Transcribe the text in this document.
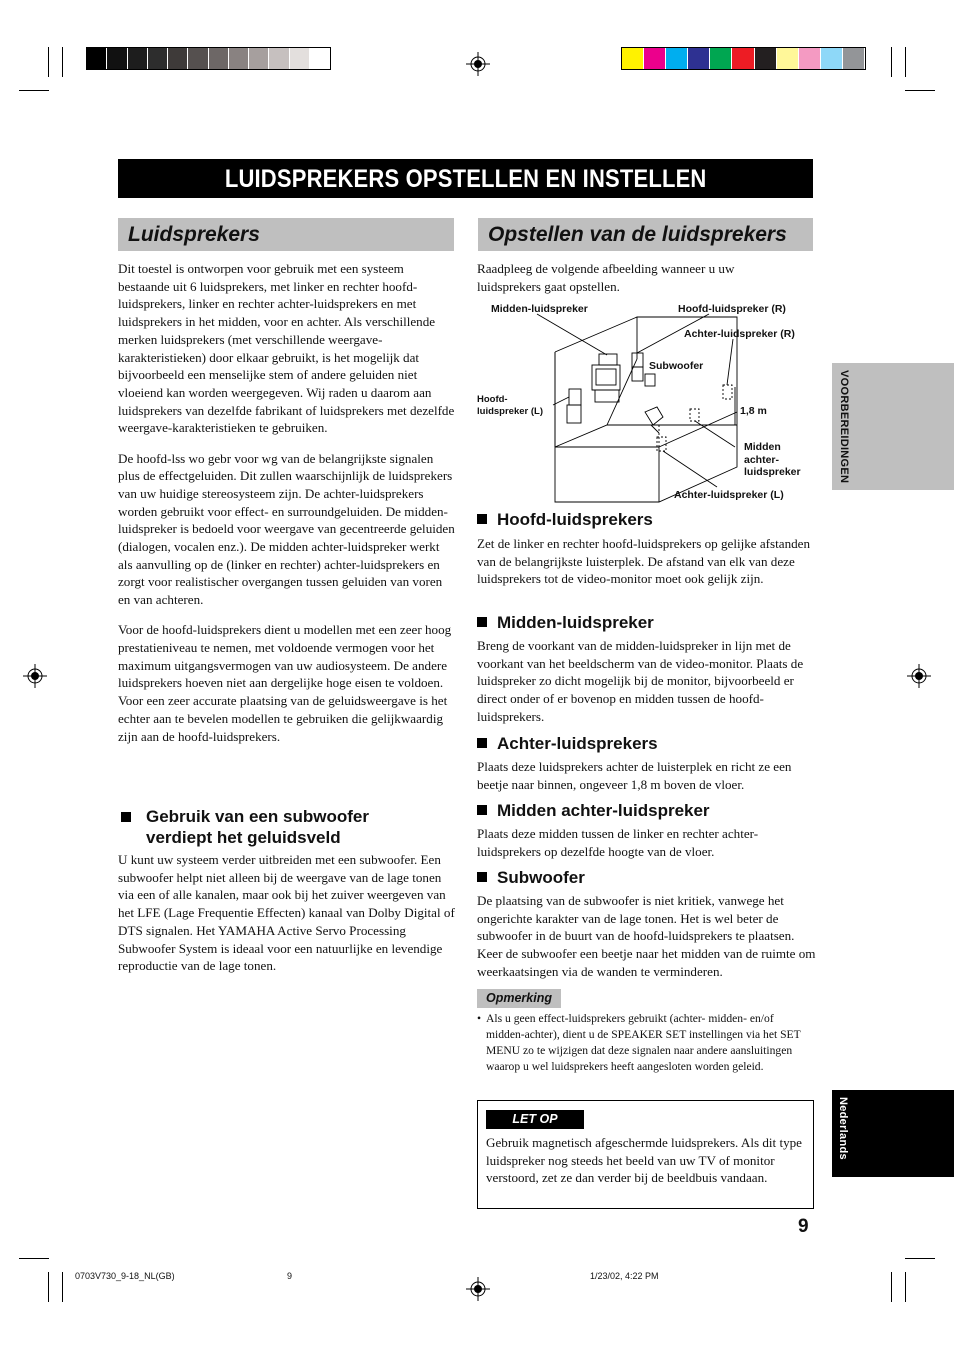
LUIDSPREKERS OPSTELLEN EN INSTELLEN
VOORBEREIDINGEN
Nederlands
Luidsprekers

Dit toestel is ontworpen voor gebruik met een systeem bestaande uit 6 luidsprekers, met linker en rechter hoofd-luidsprekers, linker en rechter achter-luidsprekers en met luidsprekers in het midden, voor en achter. Als verschillende merken luidsprekers (met verschillende weergave-karakteristieken) door elkaar gebruikt, is het mogelijk dat bijvoorbeeld een menselijke stem of andere geluiden niet vloeiend kan worden weergegeven. Wij raden u daarom aan luidsprekers van dezelfde fabrikant of luidsprekers met dezelfde weergave-karakteristieken te gebruiken.

De hoofd-lss wo gebr voor wg van de belangrijkste signalen plus de effectgeluiden. Dit zullen waarschijnlijk de luidsprekers van uw huidige stereosysteem zijn. De achter-luidsprekers worden gebruikt voor effect- en surroundgeluiden. De midden-luidspreker is bedoeld voor weergave van gecentreerde geluiden (dialogen, vocalen enz.). De midden achter-luidspreker werkt als aanvulling op de (linker en rechter) achter-luidsprekers en zorgt voor realistischer overgangen tussen geluiden van voren en van achteren.

Voor de hoofd-luidsprekers dient u modellen met een zeer hoog prestatieniveau te nemen, met voldoende vermogen voor het maximum uitgangsvermogen van uw audiosysteem. De andere luidsprekers hoeven niet aan dergelijke hoge eisen te voldoen. Voor een zeer accurate plaatsing van de geluidsweergave is het echter aan te bevelen modellen te gebruiken die gelijkwaardig zijn aan de hoofd-luidsprekers.

Gebruik van een subwoofer verdiept het geluidsveld
U kunt uw systeem verder uitbreiden met een subwoofer. Een subwoofer helpt niet alleen bij de weergave van de lage tonen via een of alle kanalen, maar ook bij het zuiver weergeven van het LFE (Lage Frequentie Effecten) kanaal van Dolby Digital of DTS signalen. Het YAMAHA Active Servo Processing Subwoofer System is ideaal voor een natuurlijke en levendige reproductie van de lage tonen.
Opstellen van de luidsprekers
Raadpleeg de volgende afbeelding wanneer u uw luidsprekers gaat opstellen.
Midden-luidspreker	Hoofd-luidspreker (R)
Achter-luidspreker (R)
Subwoofer
Hoofd-
luidspreker (L)	1,8 m
Midden
achter-
luidspreker
Achter-luidspreker (L)
Hoofd-luidsprekers
Zet de linker en rechter hoofd-luidsprekers op gelijke afstanden van de belangrijkste luisterplek. De afstand van elk van deze luidsprekers tot de video-monitor moet ook gelijk zijn.
Midden-luidspreker
Breng de voorkant van de midden-luidspreker in lijn met de voorkant van het beeldscherm van de video-monitor. Plaats de luidspreker zo dicht mogelijk bij de monitor, bijvoorbeeld er direct onder of er bovenop en midden tussen de hoofd-luidsprekers.
Achter-luidsprekers
Plaats deze luidsprekers achter de luisterplek en richt ze een beetje naar binnen, ongeveer 1,8 m boven de vloer.
Midden achter-luidspreker
Plaats deze midden tussen de linker en rechter achter-luidsprekers op dezelfde hoogte van de vloer.
Subwoofer
De plaatsing van de subwoofer is niet kritiek, vanwege het ongerichte karakter van de lage tonen. Het is wel beter de subwoofer in de buurt van de hoofd-luidsprekers te plaatsen. Keer de subwoofer een beetje naar het midden van de ruimte om weerkaatsingen via de wanden te verminderen.
Opmerking
• Als u geen effect-luidsprekers gebruikt (achter- midden- en/of midden-achter), dient u de SPEAKER SET instellingen via het SET MENU zo te wijzigen dat deze signalen naar andere aansluitingen waarop u wel luidsprekers heeft aangesloten worden geleid.
LET OP
Gebruik magnetisch afgeschermde luidsprekers. Als dit type luidspreker nog steeds het beeld van uw TV of monitor verstoord, zet ze dan verder bij de beeldbuis vandaan.
9
0703V730_9-18_NL(GB)	9	1/23/02, 4:22 PM
